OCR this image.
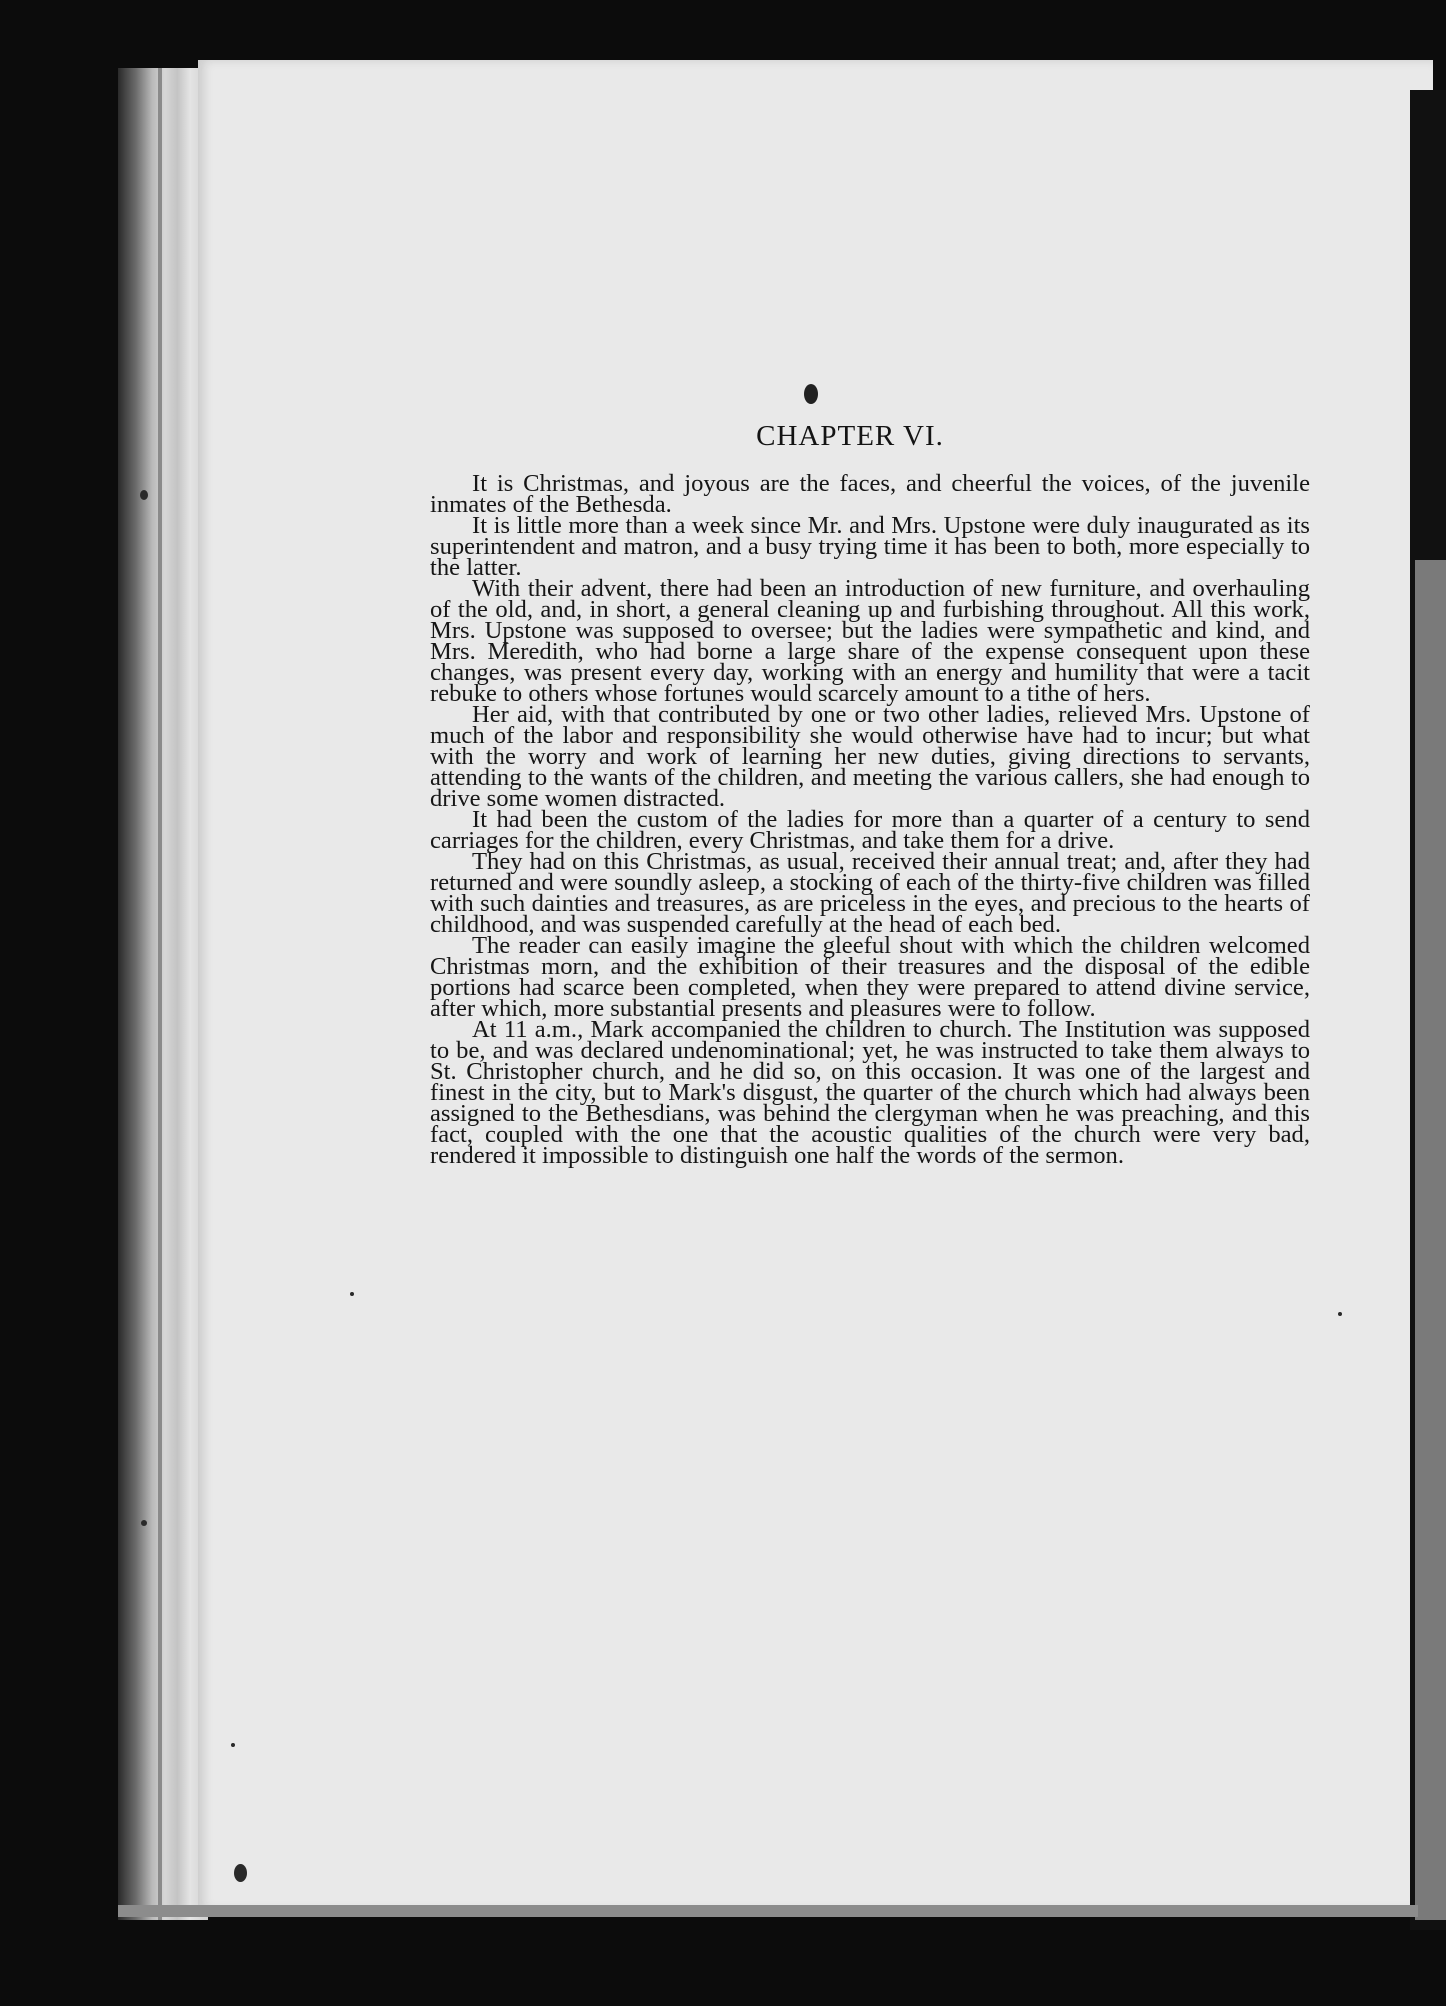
CHAPTER VI.

It is Christmas, and joyous are the faces, and cheerful the voices, of the juvenile inmates of the Bethesda.

It is little more than a week since Mr. and Mrs. Upstone were duly inaugurated as its superintendent and matron, and a busy trying time it has been to both, more especially to the latter.

With their advent, there had been an introduction of new furniture, and overhauling of the old, and, in short, a general cleaning up and furbishing throughout. All this work, Mrs. Upstone was supposed to oversee; but the ladies were sympathetic and kind, and Mrs. Meredith, who had borne a large share of the expense consequent upon these changes, was present every day, working with an energy and humility that were a tacit rebuke to others whose fortunes would scarcely amount to a tithe of hers.

Her aid, with that contributed by one or two other ladies, relieved Mrs. Upstone of much of the labor and responsibility she would otherwise have had to incur; but what with the worry and work of learning her new duties, giving directions to servants, attending to the wants of the children, and meeting the various callers, she had enough to drive some women distracted.

It had been the custom of the ladies for more than a quarter of a century to send carriages for the children, every Christmas, and take them for a drive.

They had on this Christmas, as usual, received their annual treat; and, after they had returned and were soundly asleep, a stocking of each of the thirty-five children was filled with such dainties and treasures, as are priceless in the eyes, and precious to the hearts of childhood, and was suspended carefully at the head of each bed.

The reader can easily imagine the gleeful shout with which the children welcomed Christmas morn, and the exhibition of their treasures and the disposal of the edible portions had scarce been completed, when they were prepared to attend divine service, after which, more substantial presents and pleasures were to follow.

At 11 a.m., Mark accompanied the children to church. The Institution was supposed to be, and was declared undenominational; yet, he was instructed to take them always to St. Christopher church, and he did so, on this occasion. It was one of the largest and finest in the city, but to Mark's disgust, the quarter of the church which had always been assigned to the Bethesdians, was behind the clergyman when he was preaching, and this fact, coupled with the one that the acoustic qualities of the church were very bad, rendered it impossible to distinguish one half the words of the sermon.
